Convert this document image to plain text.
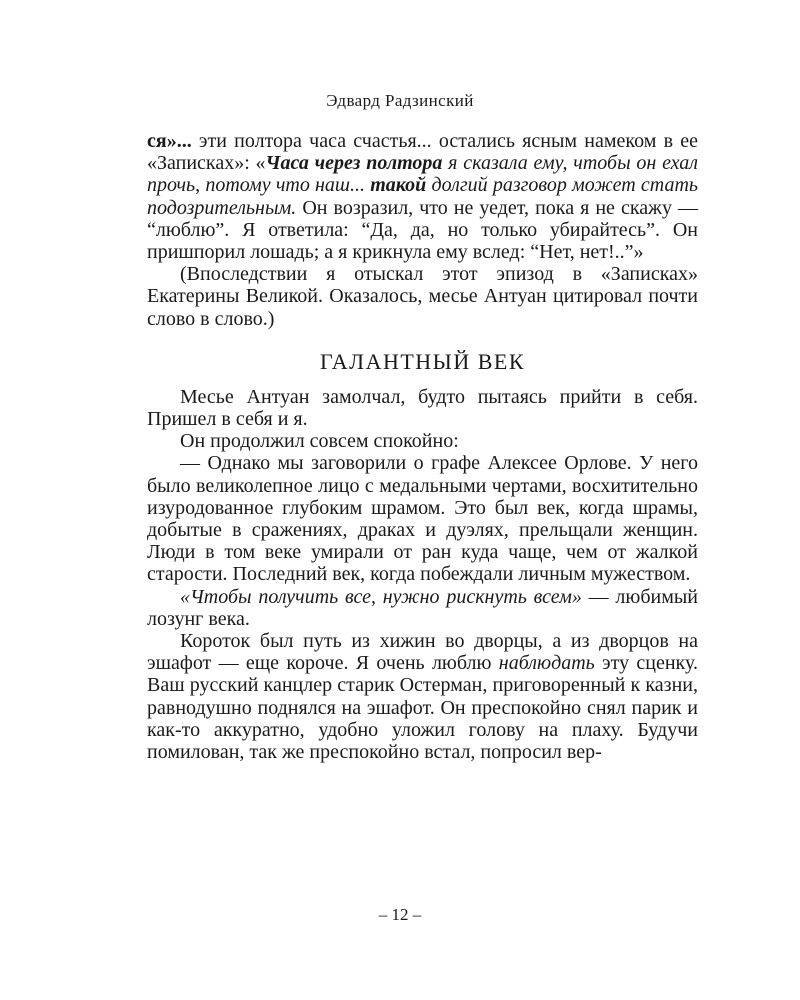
Эдвард Радзинский

ся»... эти полтора часа счастья... остались ясным намеком в ее «Записках»: «Часа через полтора я сказала ему, чтобы он ехал прочь, потому что наш... такой долгий разговор может стать подозрительным. Он возразил, что не уедет, пока я не скажу — “люблю”. Я ответила: “Да, да, но только убирайтесь”. Он пришпорил лошадь; а я крикнула ему вслед: “Нет, нет!..”»

(Впоследствии я отыскал этот эпизод в «Записках» Екатерины Великой. Оказалось, месье Антуан цитировал почти слово в слово.)

ГАЛАНТНЫЙ ВЕК

Месье Антуан замолчал, будто пытаясь прийти в себя. Пришел в себя и я.

Он продолжил совсем спокойно:

— Однако мы заговорили о графе Алексее Орлове. У него было великолепное лицо с медальными чертами, восхитительно изуродованное глубоким шрамом. Это был век, когда шрамы, добытые в сражениях, драках и дуэлях, прельщали женщин. Люди в том веке умирали от ран куда чаще, чем от жалкой старости. Последний век, когда побеждали личным мужеством.

«Чтобы получить все, нужно рискнуть всем» — любимый лозунг века.

Короток был путь из хижин во дворцы, а из дворцов на эшафот — еще короче. Я очень люблю наблюдать эту сценку. Ваш русский канцлер старик Остерман, приговоренный к казни, равнодушно поднялся на эшафот. Он преспокойно снял парик и как-то аккуратно, удобно уложил голову на плаху. Будучи помилован, так же преспокойно встал, попросил вер-

– 12 –
